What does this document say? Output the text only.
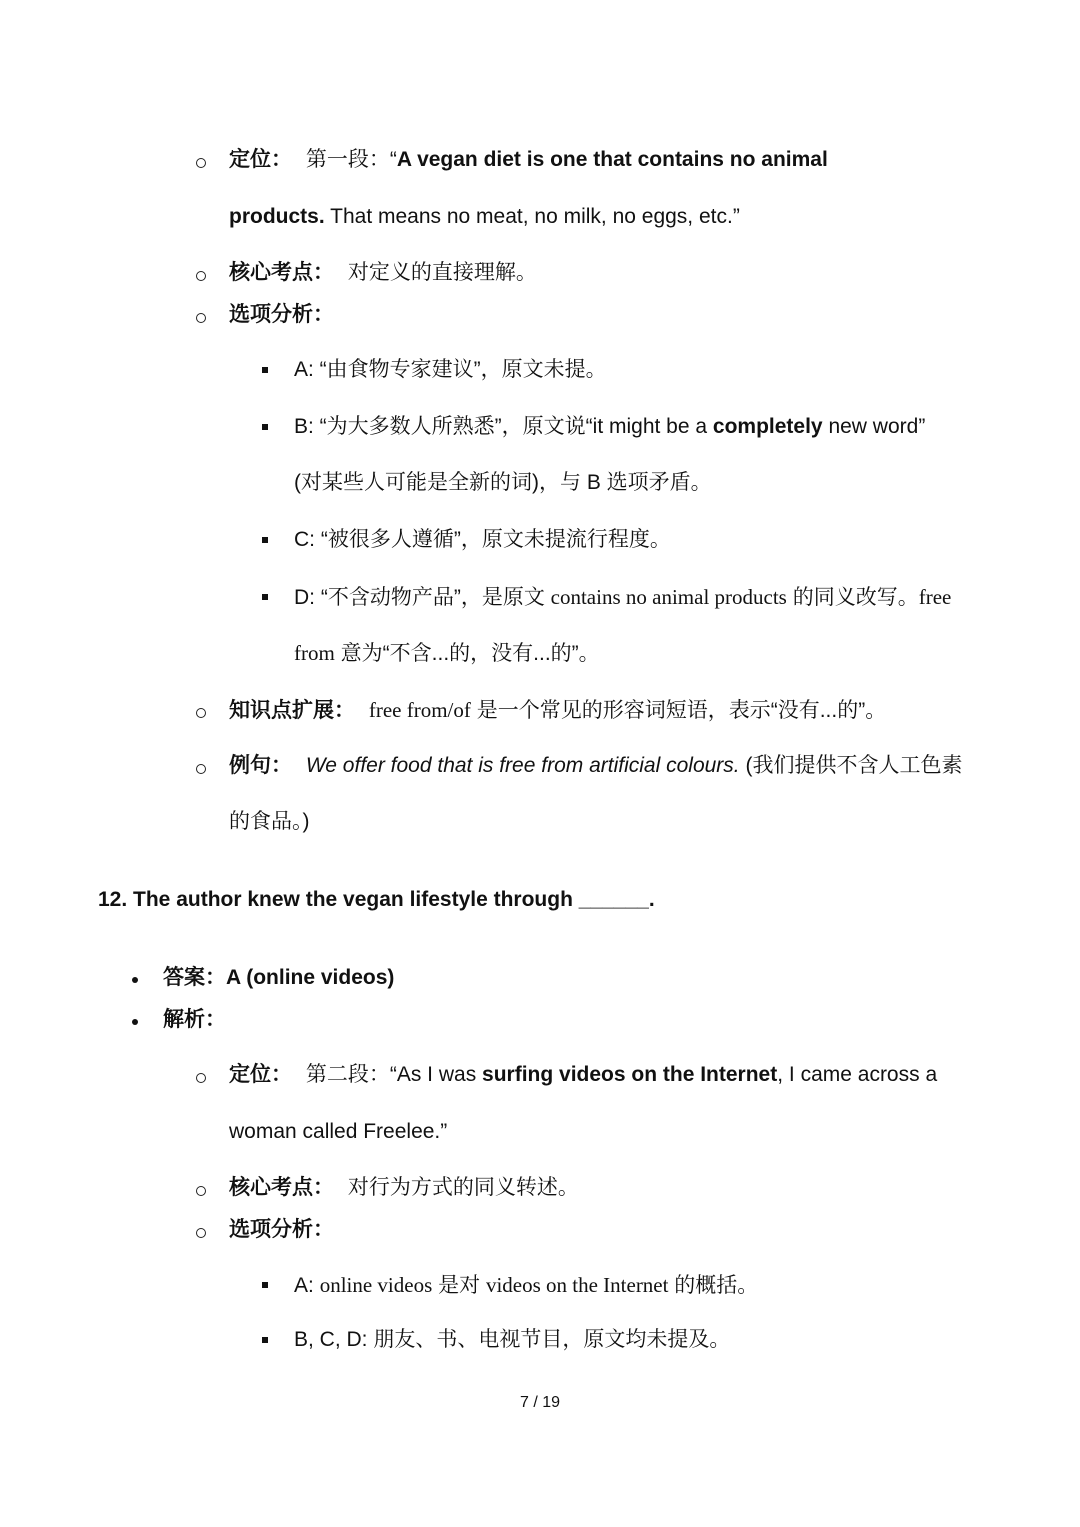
定位： 第一段：“A vegan diet is one that contains no animal
products. That means no meat, no milk, no eggs, etc.”
核心考点： 对定义的直接理解。
选项分析：
A: “由食物专家建议”，原文未提。
B: “为大多数人所熟悉”，原文说“it might be a completely new word”
(对某些人可能是全新的词)，与 B 选项矛盾。
C: “被很多人遵循”，原文未提流行程度。
D: “不含动物产品”，是原文 contains no animal products 的同义改写。free
from 意为“不含...的，没有...的”。
知识点扩展： free from/of 是一个常见的形容词短语，表示“没有...的”。
例句： We offer food that is free from artificial colours. (我们提供不含人工色素
的食品。)
12. The author knew the vegan lifestyle through ______.
答案：A (online videos)
解析：
定位： 第二段：“As I was surfing videos on the Internet, I came across a
woman called Freelee.”
核心考点： 对行为方式的同义转述。
选项分析：
A: online videos 是对 videos on the Internet 的概括。
B, C, D: 朋友、书、电视节目，原文均未提及。
7 / 19
